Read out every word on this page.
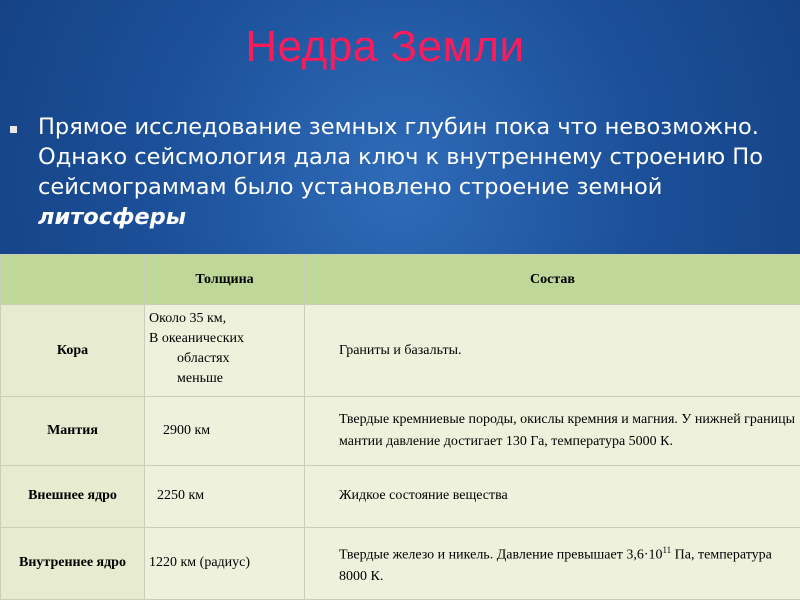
Недра Земли
Прямое исследование земных глубин пока что невозможно. Однако сейсмология дала ключ к внутреннему строению По сейсмограммам было установлено строение земной литосферы
	Толщина	Состав
Кора	Около 35 км,
В океанических

областях
меньше	Граниты и базальты.
Мантия	2900 км	Твердые кремниевые породы, окислы кремния и магния. У нижней границы мантии давление достигает 130 Га, температура 5000 К.
Внешнее ядро	2250 км	Жидкое состояние вещества
Внутреннее ядро	1220 км (радиус)	Твердые железо и никель. Давление превышает $3,6\cdot 10^{11}$ Па, температура 8000 К.
